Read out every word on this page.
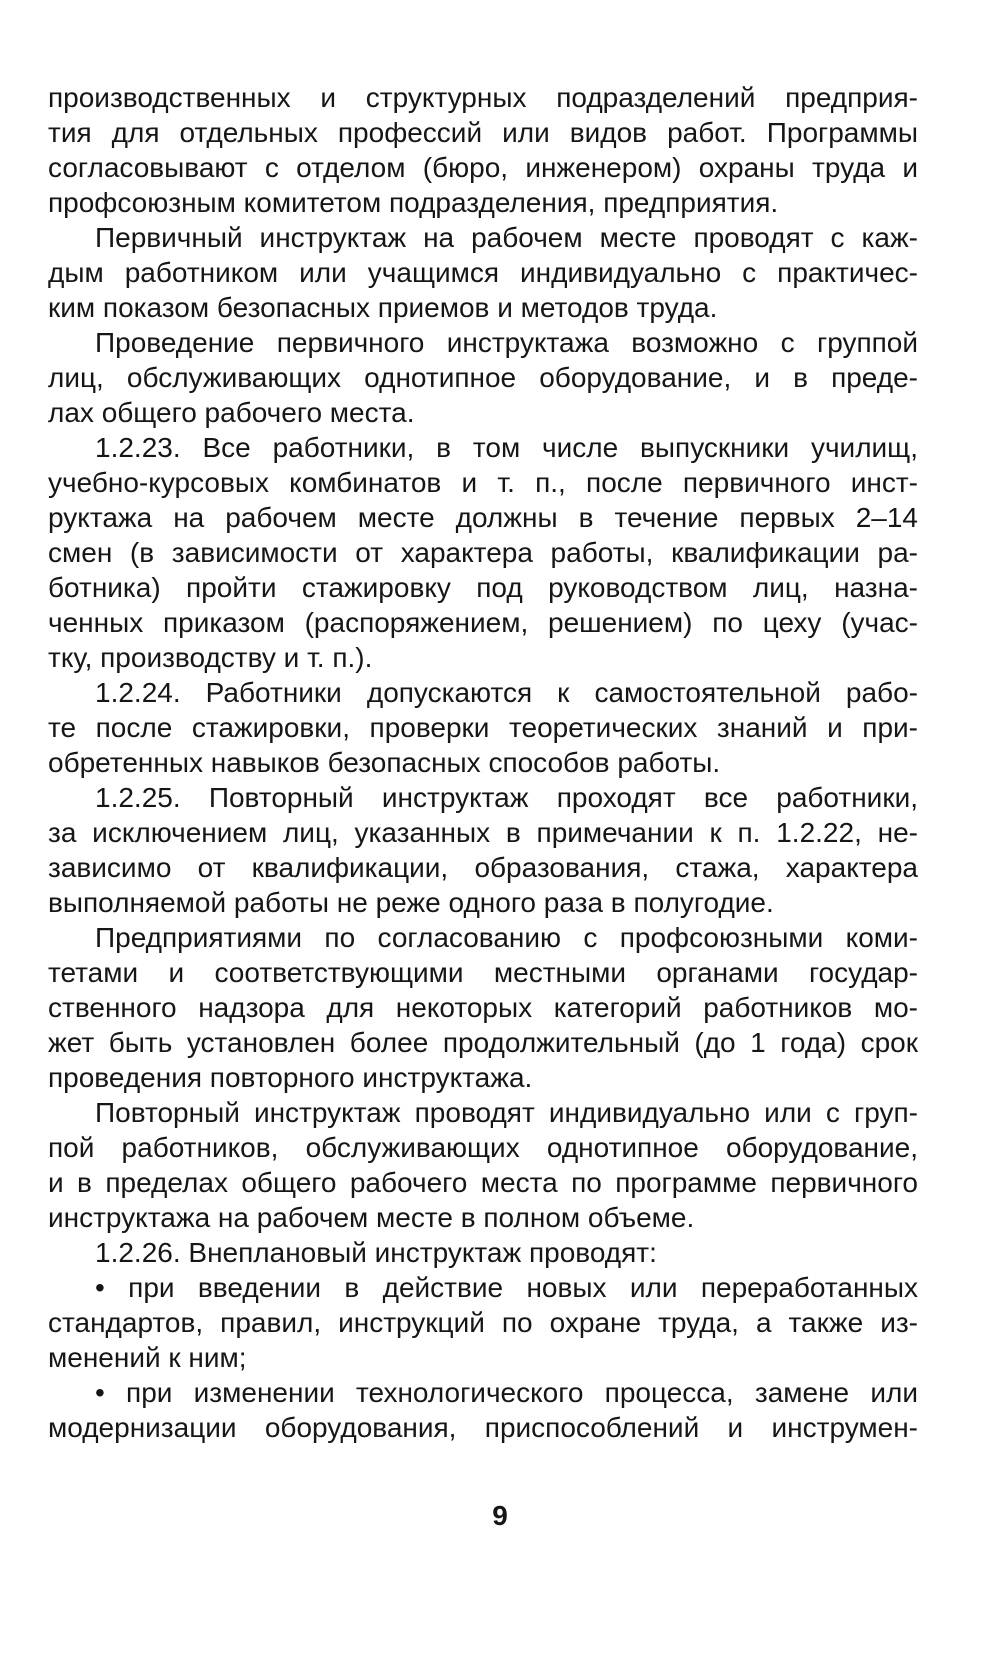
производственных и структурных подразделений предприя-
тия для отдельных профессий или видов работ. Программы
согласовывают с отделом (бюро, инженером) охраны труда и
профсоюзным комитетом подразделения, предприятия.
Первичный инструктаж на рабочем месте проводят с каж-
дым работником или учащимся индивидуально с практичес-
ким показом безопасных приемов и методов труда.
Проведение первичного инструктажа возможно с группой
лиц, обслуживающих однотипное оборудование, и в преде-
лах общего рабочего места.
1.2.23. Все работники, в том числе выпускники училищ,
учебно-курсовых комбинатов и т. п., после первичного инст-
руктажа на рабочем месте должны в течение первых 2–14
смен (в зависимости от характера работы, квалификации ра-
ботника) пройти стажировку под руководством лиц, назна-
ченных приказом (распоряжением, решением) по цеху (учас-
тку, производству и т. п.).
1.2.24. Работники допускаются к самостоятельной рабо-
те после стажировки, проверки теоретических знаний и при-
обретенных навыков безопасных способов работы.
1.2.25. Повторный инструктаж проходят все работники,
за исключением лиц, указанных в примечании к п. 1.2.22, не-
зависимо от квалификации, образования, стажа, характера
выполняемой работы не реже одного раза в полугодие.
Предприятиями по согласованию с профсоюзными коми-
тетами и соответствующими местными органами государ-
ственного надзора для некоторых категорий работников мо-
жет быть установлен более продолжительный (до 1 года) срок
проведения повторного инструктажа.
Повторный инструктаж проводят индивидуально или с груп-
пой работников, обслуживающих однотипное оборудование,
и в пределах общего рабочего места по программе первичного
инструктажа на рабочем месте в полном объеме.
1.2.26. Внеплановый инструктаж проводят:
• при введении в действие новых или переработанных
стандартов, правил, инструкций по охране труда, а также из-
менений к ним;
• при изменении технологического процесса, замене или
модернизации оборудования, приспособлений и инструмен-
9
